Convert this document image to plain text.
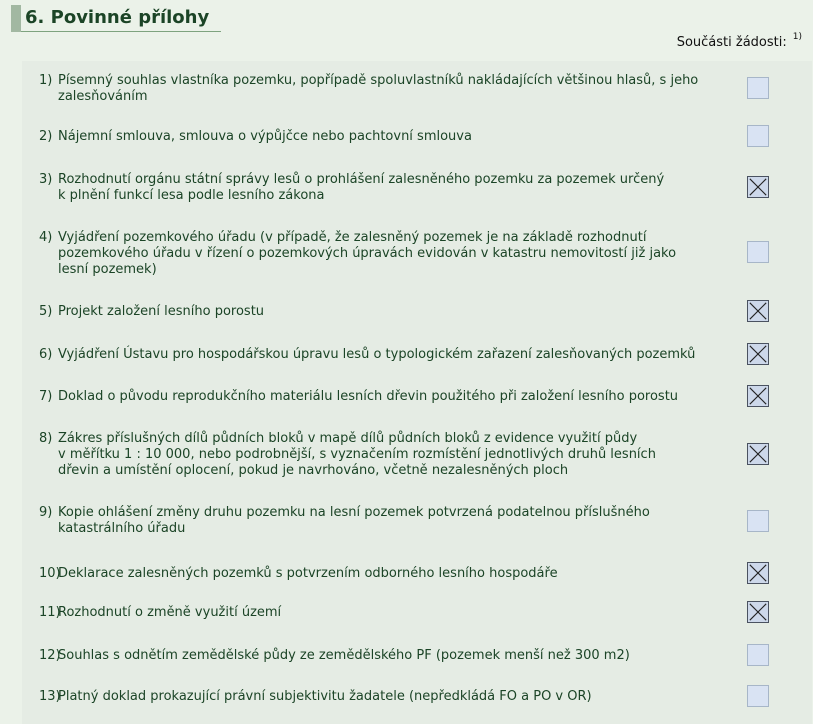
6. Povinné přílohy
Součásti žádosti: $^{1)}$
1) Písemný souhlas vlastníka pozemku, popřípadě spoluvlastníků nakládajících většinou hlasů, s jeho
zalesňováním
2) Nájemní smlouva, smlouva o výpůjčce nebo pachtovní smlouva
3) Rozhodnutí orgánu státní správy lesů o prohlášení zalesněného pozemku za pozemek určený
k plnění funkcí lesa podle lesního zákona
4) Vyjádření pozemkového úřadu (v případě, že zalesněný pozemek je na základě rozhodnutí
pozemkového úřadu v řízení o pozemkových úpravách evidován v katastru nemovitostí již jako
lesní pozemek)
5) Projekt založení lesního porostu
6) Vyjádření Ústavu pro hospodářskou úpravu lesů o typologickém zařazení zalesňovaných pozemků
7) Doklad o původu reprodukčního materiálu lesních dřevin použitého při založení lesního porostu
8) Zákres příslušných dílů půdních bloků v mapě dílů půdních bloků z evidence využití půdy
v měřítku 1 : 10 000, nebo podrobnější, s vyznačením rozmístění jednotlivých druhů lesních
dřevin a umístění oplocení, pokud je navrhováno, včetně nezalesněných ploch
9) Kopie ohlášení změny druhu pozemku na lesní pozemek potvrzená podatelnou příslušného
katastrálního úřadu
10)Deklarace zalesněných pozemků s potvrzením odborného lesního hospodáře
11)Rozhodnutí o změně využití území
12)Souhlas s odnětím zemědělské půdy ze zemědělského PF (pozemek menší než 300 m2)
13)Platný doklad prokazující právní subjektivitu žadatele (nepředkládá FO a PO v OR)
